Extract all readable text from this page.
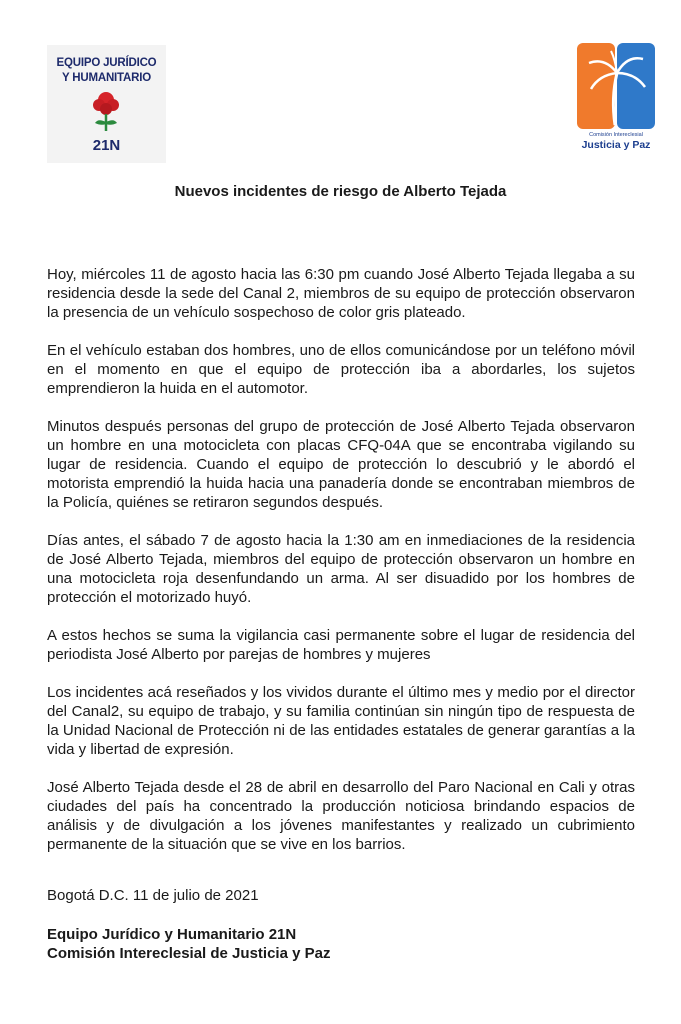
EQUIPO JURÍDICO
Y HUMANITARIO
21N
Comisión Intereclesial
Justicia y Paz
Nuevos incidentes de riesgo de Alberto Tejada

Hoy, miércoles 11 de agosto hacia las 6:30 pm cuando José Alberto Tejada llegaba a su residencia desde la sede del Canal 2, miembros de su equipo de protección observaron la presencia de un vehículo sospechoso de color gris plateado.

En el vehículo estaban dos hombres, uno de ellos comunicándose por un teléfono móvil en el momento en que el equipo de protección iba a abordarles, los sujetos emprendieron la huida en el automotor.

Minutos después personas del grupo de protección de José Alberto Tejada observaron un hombre en una motocicleta con placas CFQ-04A que se encontraba vigilando su lugar de residencia. Cuando el equipo de protección lo descubrió y le abordó el motorista emprendió la huida hacia una panadería donde se encontraban miembros de la Policía, quiénes se retiraron segundos después.

Días antes, el sábado 7 de agosto hacia la 1:30 am en inmediaciones de la residencia de José Alberto Tejada, miembros del equipo de protección observaron un hombre en una motocicleta roja desenfundando un arma. Al ser disuadido por los hombres de protección el motorizado huyó.

A estos hechos se suma la vigilancia casi permanente sobre el lugar de residencia del periodista José Alberto por parejas de hombres y mujeres

Los incidentes acá reseñados y los vividos durante el último mes y medio por el director del Canal2, su equipo de trabajo, y su familia continúan sin ningún tipo de respuesta de la Unidad Nacional de Protección ni de las entidades estatales de generar garantías a la vida y libertad de expresión.

José Alberto Tejada desde el 28 de abril en desarrollo del Paro Nacional en Cali y otras ciudades del país ha concentrado la producción noticiosa brindando espacios de análisis y de divulgación a los jóvenes manifestantes y realizado un cubrimiento permanente de la situación que se vive en los barrios.

Bogotá D.C. 11 de julio de 2021

Equipo Jurídico y Humanitario 21N

Comisión Intereclesial de Justicia y Paz
